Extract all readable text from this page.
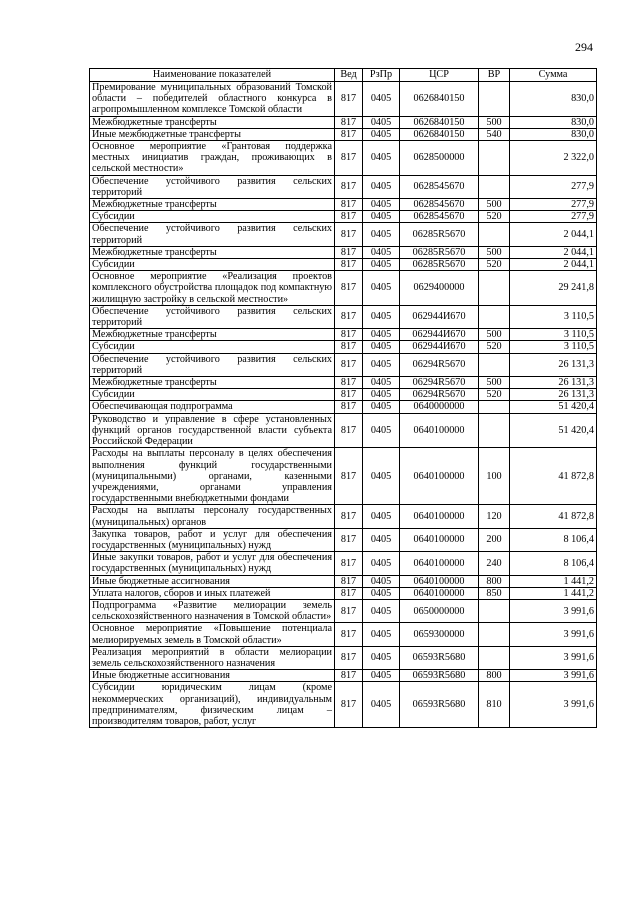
294
Наименование показателей	Вед	РзПр	ЦСР	ВР	Сумма
Премирование муниципальных образований Томской области – победителей областного конкурса в агропромышленном комплексе Томской области	817	0405	0626840150		830,0
Межбюджетные трансферты	817	0405	0626840150	500	830,0
Иные межбюджетные трансферты	817	0405	0626840150	540	830,0
Основное мероприятие «Грантовая поддержка местных инициатив граждан, проживающих в сельской местности»	817	0405	0628500000		2 322,0
Обеспечение устойчивого развития сельских территорий	817	0405	0628545670		277,9
Межбюджетные трансферты	817	0405	0628545670	500	277,9
Субсидии	817	0405	0628545670	520	277,9
Обеспечение устойчивого развития сельских территорий	817	0405	06285R5670		2 044,1
Межбюджетные трансферты	817	0405	06285R5670	500	2 044,1
Субсидии	817	0405	06285R5670	520	2 044,1
Основное мероприятие «Реализация проектов комплексного обустройства площадок под компактную жилищную застройку в сельской местности»	817	0405	0629400000		29 241,8
Обеспечение устойчивого развития сельских территорий	817	0405	062944И670		3 110,5
Межбюджетные трансферты	817	0405	062944И670	500	3 110,5
Субсидии	817	0405	062944И670	520	3 110,5
Обеспечение устойчивого развития сельских территорий	817	0405	06294R5670		26 131,3
Межбюджетные трансферты	817	0405	06294R5670	500	26 131,3
Субсидии	817	0405	06294R5670	520	26 131,3
Обеспечивающая подпрограмма	817	0405	0640000000		51 420,4
Руководство и управление в сфере установленных функций органов государственной власти субъекта Российской Федерации	817	0405	0640100000		51 420,4
Расходы на выплаты персоналу в целях обеспечения выполнения функций государственными (муниципальными) органами, казенными учреждениями, органами управления государственными внебюджетными фондами	817	0405	0640100000	100	41 872,8
Расходы на выплаты персоналу государственных (муниципальных) органов	817	0405	0640100000	120	41 872,8
Закупка товаров, работ и услуг для обеспечения государственных (муниципальных) нужд	817	0405	0640100000	200	8 106,4
Иные закупки товаров, работ и услуг для обеспечения государственных (муниципальных) нужд	817	0405	0640100000	240	8 106,4
Иные бюджетные ассигнования	817	0405	0640100000	800	1 441,2
Уплата налогов, сборов и иных платежей	817	0405	0640100000	850	1 441,2
Подпрограмма «Развитие мелиорации земель сельскохозяйственного назначения в Томской области»	817	0405	0650000000		3 991,6
Основное мероприятие «Повышение потенциала мелиорируемых земель в Томской области»	817	0405	0659300000		3 991,6
Реализация мероприятий в области мелиорации земель сельскохозяйственного назначения	817	0405	06593R5680		3 991,6
Иные бюджетные ассигнования	817	0405	06593R5680	800	3 991,6
Субсидии юридическим лицам (кроме некоммерческих организаций), индивидуальным предпринимателям, физическим лицам – производителям товаров, работ, услуг	817	0405	06593R5680	810	3 991,6
